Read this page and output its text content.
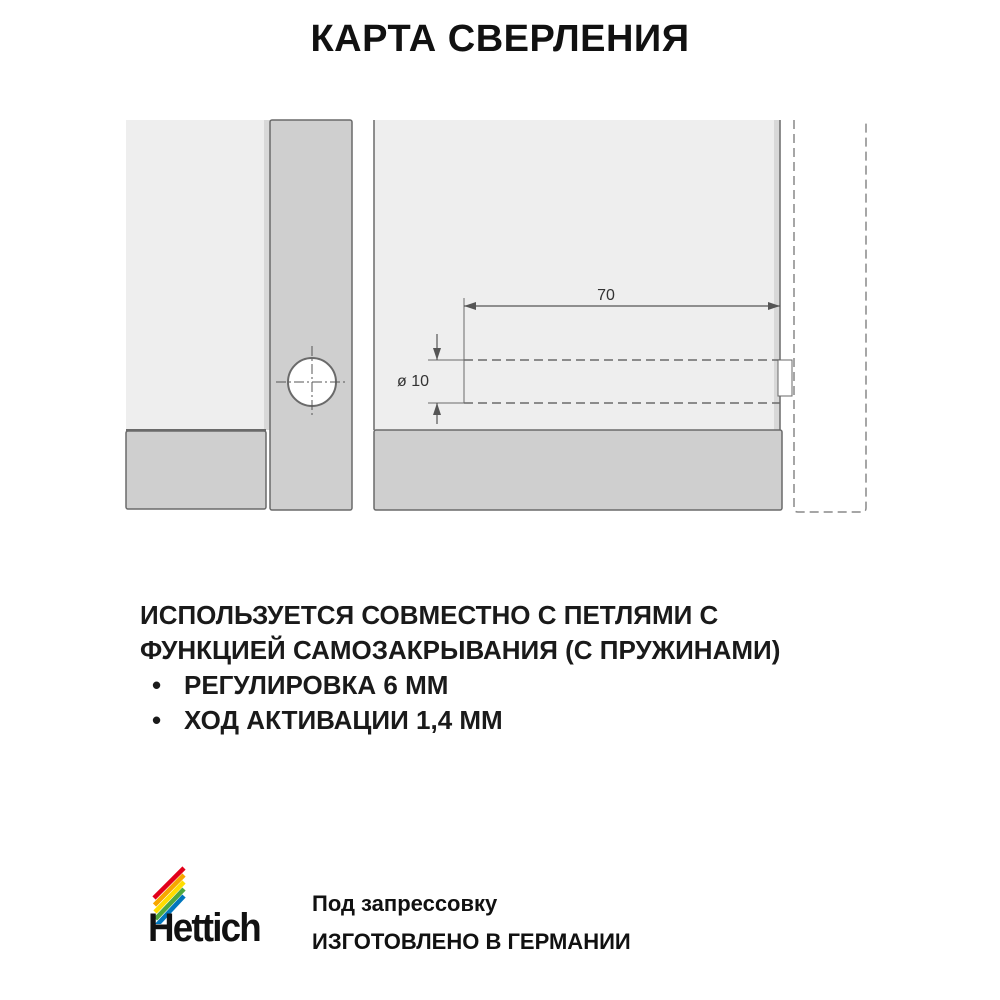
КАРТА СВЕРЛЕНИЯ
70
ø 10

ИСПОЛЬЗУЕТСЯ СОВМЕСТНО С ПЕТЛЯМИ С ФУНКЦИЕЙ САМОЗАКРЫВАНИЯ (С ПРУЖИНАМИ)

• РЕГУЛИРОВКА 6 ММ
• ХОД АКТИВАЦИИ 1,4 ММ
Hettich
Под запрессовку
ИЗГОТОВЛЕНО В ГЕРМАНИИ
